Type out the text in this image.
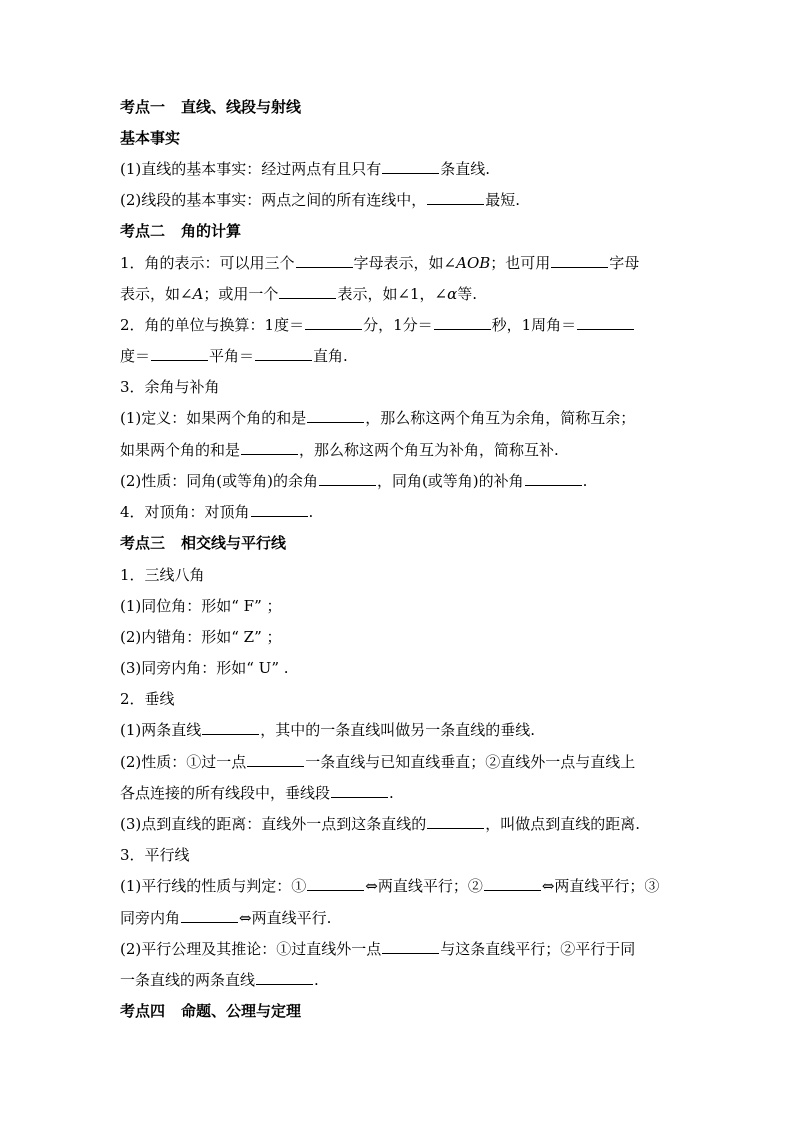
考点一 直线、线段与射线
基本事实
(1)直线的基本事实：经过两点有且只有	条直线.
(2)线段的基本事实：两点之间的所有连线中，	最短.
考点二 角的计算
1．角的表示：可以用三个	字母表示，如∠AOB；也可用	字母
表示，如∠A；或用一个	表示，如∠1，∠α等.
2．角的单位与换算：1度＝	分，1分＝	秒，1周角＝
度＝	平角＝	直角.
3．余角与补角
(1)定义：如果两个角的和是	，那么称这两个角互为余角，简称互余；
如果两个角的和是	，那么称这两个角互为补角，简称互补.
(2)性质：同角(或等角)的余角	，同角(或等角)的补角	.
4．对顶角：对顶角	.
考点三 相交线与平行线
1．三线八角
(1)同位角：形如“ F” ；
(2)内错角：形如“ Z” ；
(3)同旁内角：形如“ U” .
2．垂线
(1)两条直线	，其中的一条直线叫做另一条直线的垂线.
(2)性质：①过一点	一条直线与已知直线垂直；②直线外一点与直线上
各点连接的所有线段中，垂线段	.
(3)点到直线的距离：直线外一点到这条直线的	，叫做点到直线的距离.
3．平行线
(1)平行线的性质与判定：①	⇔两直线平行；②	⇔两直线平行；③
同旁内角	⇔两直线平行.
(2)平行公理及其推论：①过直线外一点	与这条直线平行；②平行于同
一条直线的两条直线	.
考点四 命题、公理与定理
